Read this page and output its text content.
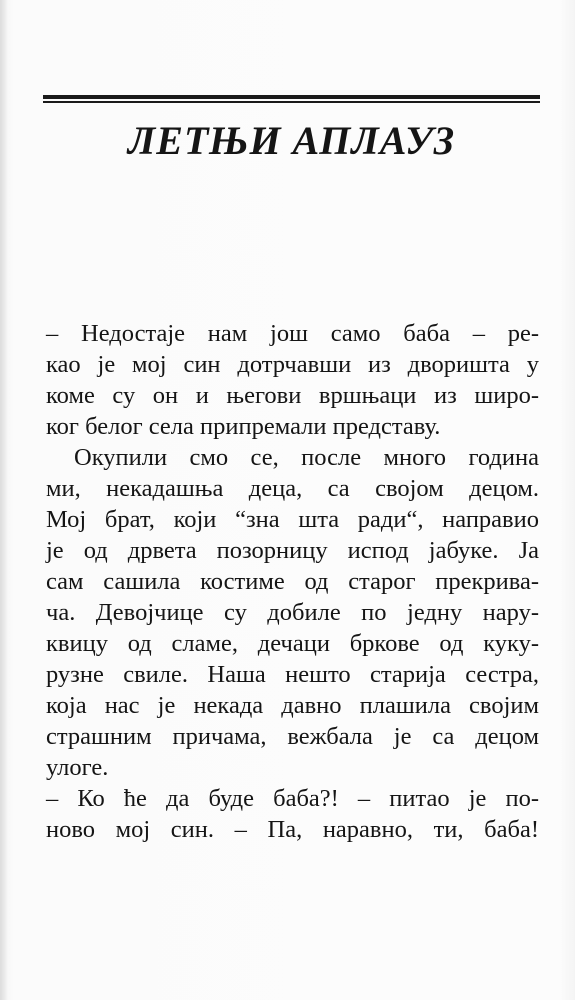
ЛЕТЊИ АПЛАУЗ

– Недостаје нам још само баба – ре-

као је мој син дотрчавши из дворишта у

коме су он и његови вршњаци из широ-

ког белог села припремали представу.

Окупили смо се, после много година

ми, некадашња деца, са својом децом.

Мој брат, који “зна шта ради“, направио

је од дрвета позорницу испод јабуке. Ја

сам сашила костиме од старог прекрива-

ча. Девојчице су добиле по једну нару-

квицу од сламе, дечаци бркове од куку-

рузне свиле. Наша нешто старија сестра,

која нас је некада давно плашила својим

страшним причама, вежбала је са децом

улоге.

– Ко ће да буде баба?! – питао је по-

ново мој син. – Па, наравно, ти, баба!
